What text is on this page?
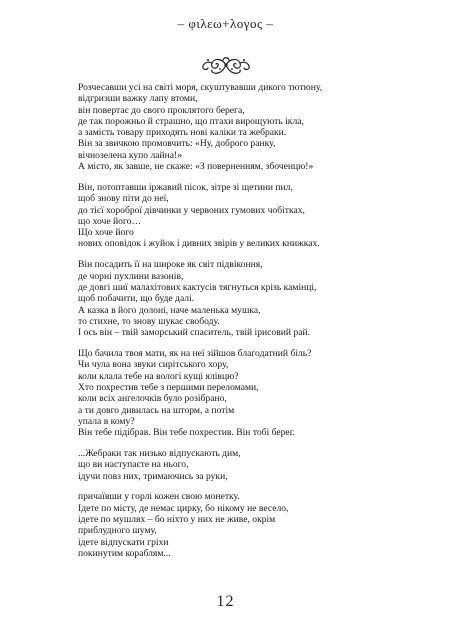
– φιλεω+λογος –
Розчесавши усі на світі моря, скуштувавши дикого тютюну,
відгризши важку лапу втоми,
він повертає до свого проклятого берега,
де так порожньо й страшно, що птахи вирощують ікла,
а замість товару приходять нові каліки та жебраки.
Він за звичкою промовчить: «Ну, доброго ранку,
вічнозелена купо лайна!»
А місто, як завше, не скаже: «З поверненням, збоченцю!»
Він, потоптавши іржавий пісок, зітре зі щетини пил,
щоб знову піти до неї,
до тієї хороброї дівчинки у червоних гумових чобітках,
що хоче його…
Що хоче його
нових оповідок і жуйок і дивних звірів у великих книжках.
Він посадить її на широке як світ підвіконня,
де чорні пухлини вазонів,
де довгі шиї малахітових кактусів тягнуться крізь камінці,
щоб побачити, що буде далі.
А казка в його долоні, наче маленька мушка,
то стихне, то знову шукає свободу.
І ось він – твій заморський спаситель, твій ірисовий рай.
Що бачила твоя мати, як на неї зійшов благодатний біль?
Чи чула вона звуки сирітського хору,
коли клала тебе на вологі кущі ялівцю?
Хто похрестив тебе з першими переломами,
коли всіх ангелочків було розібрано,
а ти довго дивилась на шторм, а потім
упала в кому?
Він тебе підібрав. Він тебе похрестив. Він тобі берег.
...Жебраки так низько відпускають дим,
що ви наступаєте на нього,
ідучи повз них, тримаючись за руки,
причаївши у горлі кожен свою монетку.
Ідете по місту, де немає цирку, бо нікому не весело,
ідете по мушлях – бо ніхто у них не живе, окрім
приблудного шуму,
ідете відпускати гріхи
покинутим кораблям...
12
